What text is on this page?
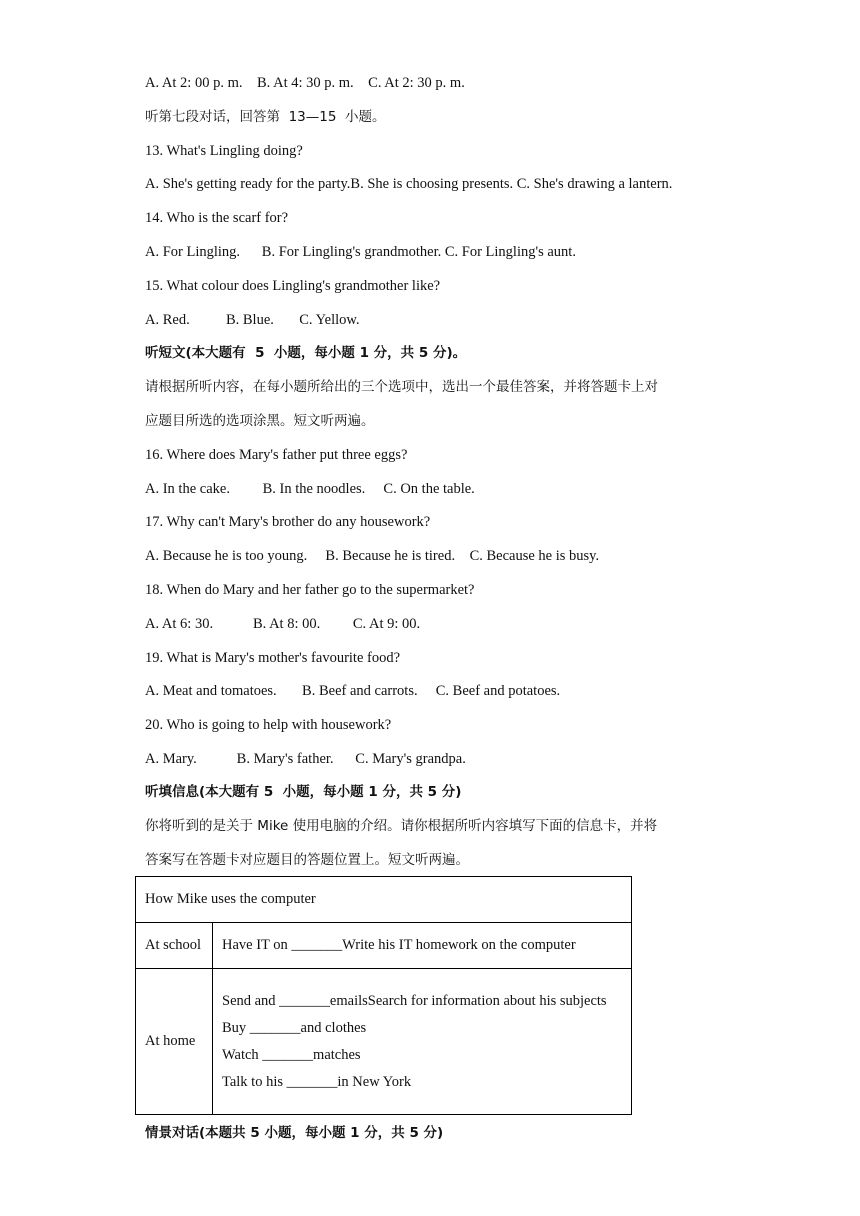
A. At 2: 00 p. m.    B. At 4: 30 p. m.    C. At 2: 30 p. m.
听第七段对话，回答第  13—15  小题。
13. What's Lingling doing?
A. She's getting ready for the party.B. She is choosing presents. C. She's drawing a lantern.
14. Who is the scarf for?
A. For Lingling.      B. For Lingling's grandmother. C. For Lingling's aunt.
15. What colour does Lingling's grandmother like?
A. Red.          B. Blue.       C. Yellow.
听短文(本大题有  5  小题，每小题 1 分，共 5 分)。
请根据所听内容，在每小题所给出的三个选项中，选出一个最佳答案，并将答题卡上对
应题目所选的选项涂黑。短文听两遍。
16. Where does Mary's father put three eggs?
A. In the cake.         B. In the noodles.     C. On the table.
17. Why can't Mary's brother do any housework?
A. Because he is too young.     B. Because he is tired.    C. Because he is busy.
18. When do Mary and her father go to the supermarket?
A. At 6: 30.           B. At 8: 00.         C. At 9: 00.
19. What is Mary's mother's favourite food?
A. Meat and tomatoes.       B. Beef and carrots.     C. Beef and potatoes.
20. Who is going to help with housework?
A. Mary.           B. Mary's father.      C. Mary's grandpa.
听填信息(本大题有 5  小题，每小题 1 分，共 5 分)
你将听到的是关于 Mike 使用电脑的介绍。请你根据所听内容填写下面的信息卡，并将
答案写在答题卡对应题目的答题位置上。短文听两遍。
How Mike uses the computer	
At school	Have IT on _______Write his IT homework on the computer
At home	Send and _______emailsSearch for information about his subjects
Buy _______and clothes
Watch _______matches
Talk to his _______in New York
情景对话(本题共 5 小题，每小题 1 分，共 5 分)
